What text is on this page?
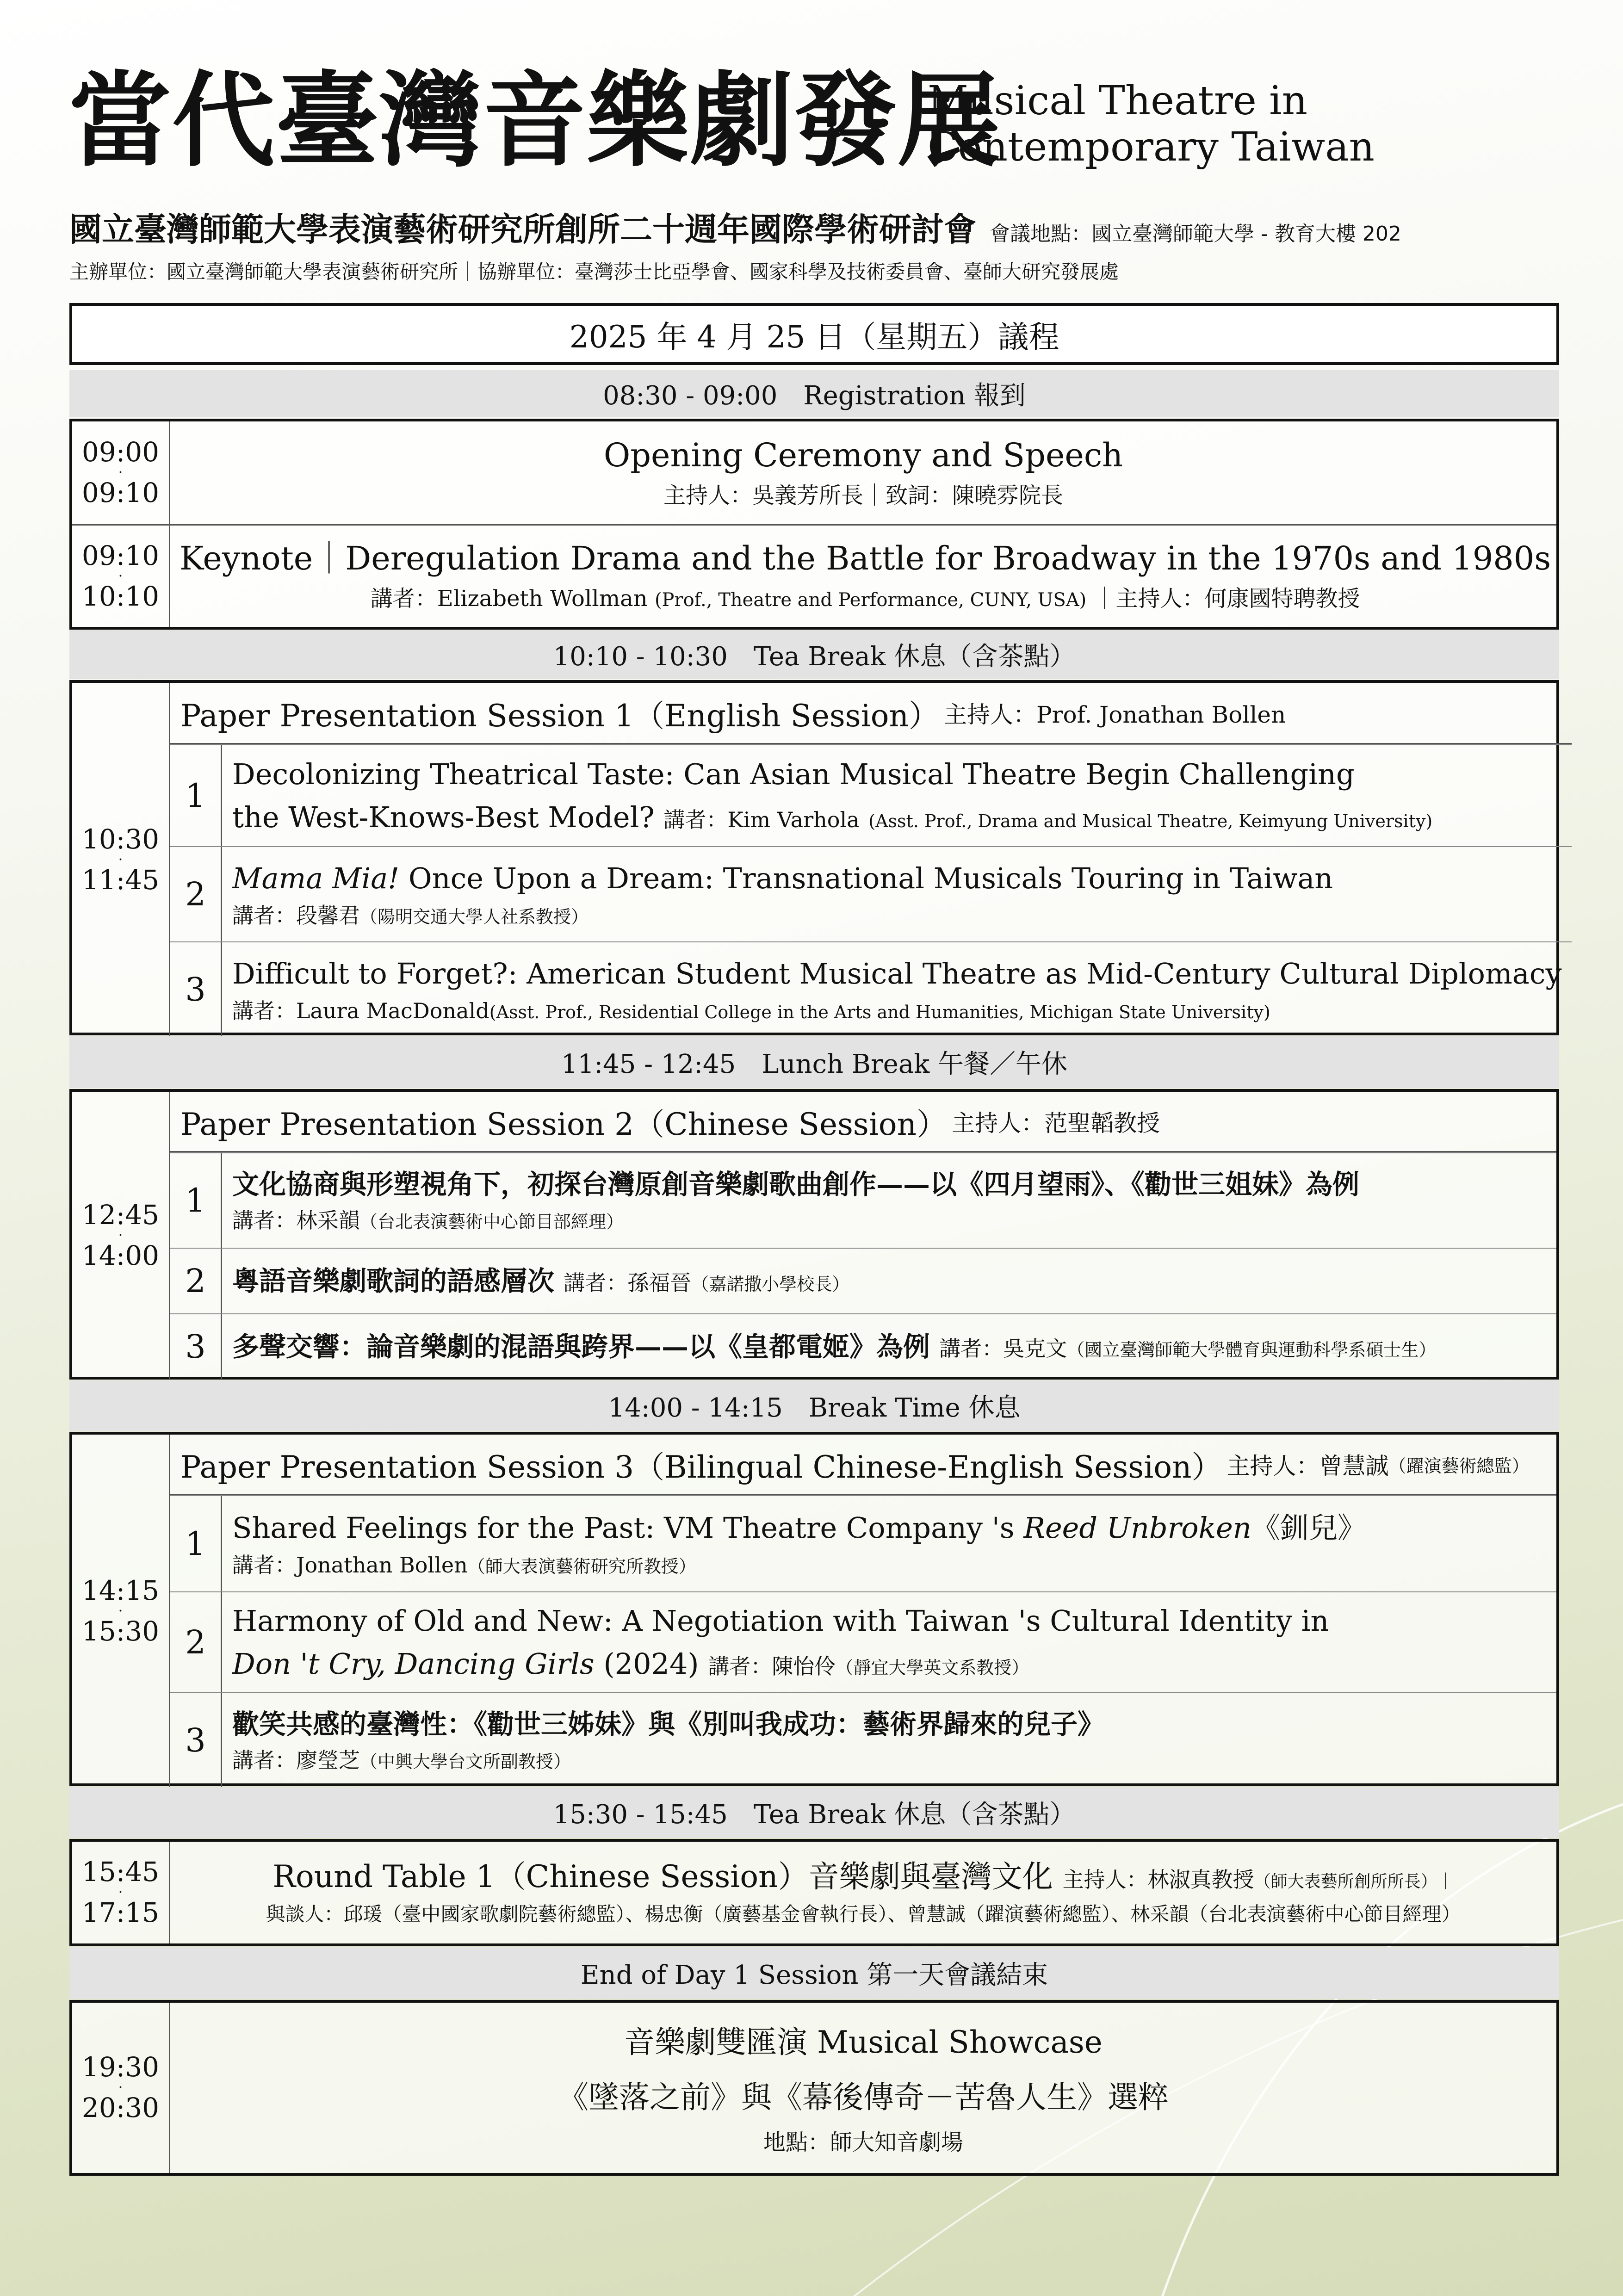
當代臺灣音樂劇發展
Musical Theatre in
Contemporary Taiwan
國立臺灣師範大學表演藝術研究所創所二十週年國際學術研討會 會議地點：國立臺灣師範大學 - 教育大樓 202
主辦單位：國立臺灣師範大學表演藝術研究所｜協辦單位：臺灣莎士比亞學會、國家科學及技術委員會、臺師大研究發展處
2025 年 4 月 25 日（星期五）議程
08:30 - 09:00　Registration 報到
09:00
·
09:10
Opening Ceremony and Speech
主持人：吳義芳所長｜致詞：陳曉雰院長
09:10
·
10:10
Keynote｜Deregulation Drama and the Battle for Broadway in the 1970s and 1980s
講者：Elizabeth Wollman (Prof., Theatre and Performance, CUNY, USA) ｜主持人：何康國特聘教授
10:10 - 10:30　Tea Break 休息（含茶點）
10:30
·
11:45
Paper Presentation Session 1（English Session） 主持人：Prof. Jonathan Bollen
1
Decolonizing Theatrical Taste: Can Asian Musical Theatre Begin Challenging
the West-Knows-Best Model? 講者：Kim Varhola (Asst. Prof., Drama and Musical Theatre, Keimyung University)
2 Mama Mia! Once Upon a Dream: Transnational Musicals Touring in Taiwan
講者：段馨君（陽明交通大學人社系教授）
3 Difficult to Forget?: American Student Musical Theatre as Mid-Century Cultural Diplomacy
講者：Laura MacDonald(Asst. Prof., Residential College in the Arts and Humanities, Michigan State University)
11:45 - 12:45　Lunch Break 午餐／午休
12:45
·
14:00
Paper Presentation Session 2（Chinese Session） 主持人：范聖韜教授
1 文化協商與形塑視角下，初探台灣原創音樂劇歌曲創作——以《四月望雨》、《勸世三姐妹》為例
講者：林采韻（台北表演藝術中心節目部經理）
2 粵語音樂劇歌詞的語感層次 講者：孫福晉（嘉諾撒小學校長）
3 多聲交響：論音樂劇的混語與跨界——以《皇都電姬》為例 講者：吳克文（國立臺灣師範大學體育與運動科學系碩士生）
14:00 - 14:15　Break Time 休息
14:15
·
15:30
Paper Presentation Session 3（Bilingual Chinese-English Session） 主持人：曾慧誠 （躍演藝術總監）
1 Shared Feelings for the Past: VM Theatre Company 's Reed Unbroken《釧兒》
講者：Jonathan Bollen（師大表演藝術研究所教授）
2
Harmony of Old and New: A Negotiation with Taiwan 's Cultural Identity in
Don 't Cry, Dancing Girls (2024) 講者：陳怡伶（靜宜大學英文系教授）
3 歡笑共感的臺灣性：《勸世三姊妹》與《別叫我成功：藝術界歸來的兒子》
講者：廖瑩芝（中興大學台文所副教授）
15:30 - 15:45　Tea Break 休息（含茶點）
15:45
·
17:15
Round Table 1（Chinese Session）音樂劇與臺灣文化 主持人：林淑真教授（師大表藝所創所所長）｜
與談人：邱瑗（臺中國家歌劇院藝術總監）、楊忠衡（廣藝基金會執行長）、曾慧誠（躍演藝術總監）、林采韻（台北表演藝術中心節目經理）
End of Day 1 Session 第一天會議結束
19:30
·
20:30
音樂劇雙匯演 Musical Showcase
《墜落之前》與《幕後傳奇－苦魯人生》選粹
地點：師大知音劇場
